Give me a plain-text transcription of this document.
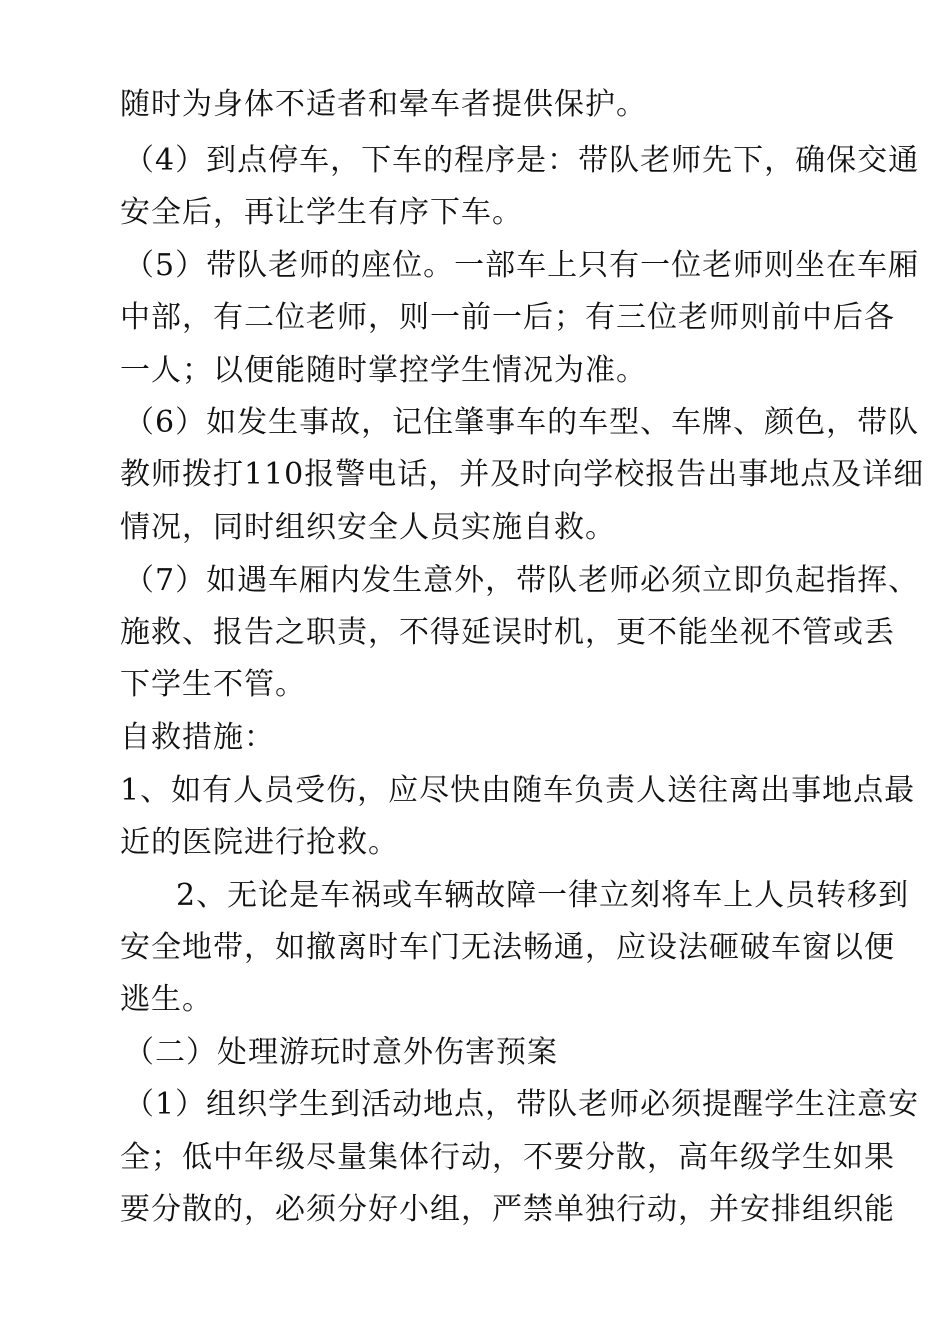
随时为身体不适者和晕车者提供保护。
（4）到点停车，下车的程序是：带队老师先下，确保交通
安全后，再让学生有序下车。
（5）带队老师的座位。一部车上只有一位老师则坐在车厢
中部，有二位老师，则一前一后；有三位老师则前中后各
一人；以便能随时掌控学生情况为准。
（6）如发生事故，记住肇事车的车型、车牌、颜色，带队
教师拨打110报警电话，并及时向学校报告出事地点及详细
情况，同时组织安全人员实施自救。
（7）如遇车厢内发生意外，带队老师必须立即负起指挥、
施救、报告之职责，不得延误时机，更不能坐视不管或丢
下学生不管。
自救措施：
1、如有人员受伤，应尽快由随车负责人送往离出事地点最
近的医院进行抢救。
2、无论是车祸或车辆故障一律立刻将车上人员转移到
安全地带，如撤离时车门无法畅通，应设法砸破车窗以便
逃生。
（二）处理游玩时意外伤害预案
（1）组织学生到活动地点，带队老师必须提醒学生注意安
全；低中年级尽量集体行动，不要分散，高年级学生如果
要分散的，必须分好小组，严禁单独行动，并安排组织能
